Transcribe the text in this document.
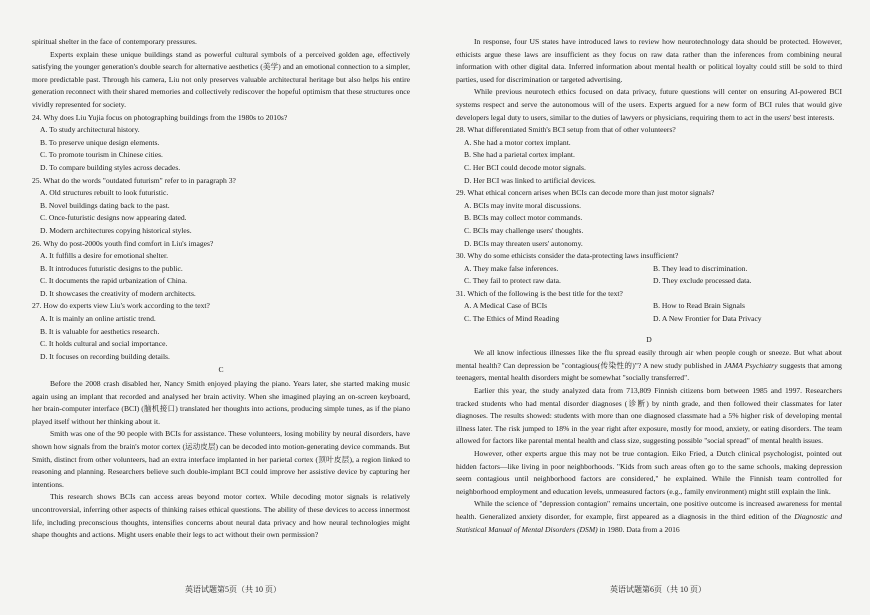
spiritual shelter in the face of contemporary pressures.

Experts explain these unique buildings stand as powerful cultural symbols of a perceived golden age, effectively satisfying the younger generation's double search for alternative aesthetics (美学) and an emotional connection to a simpler, more predictable past. Through his camera, Liu not only preserves valuable architectural heritage but also helps his entire generation reconnect with their shared memories and collectively rediscover the hopeful optimism that these structures once vividly represented for society.

24. Why does Liu Yujia focus on photographing buildings from the 1980s to 2010s?

A. To study architectural history.

B. To preserve unique design elements.

C. To promote tourism in Chinese cities.

D. To compare building styles across decades.

25. What do the words "outdated futurism" refer to in paragraph 3?

A. Old structures rebuilt to look futuristic.

B. Novel buildings dating back to the past.

C. Once-futuristic designs now appearing dated.

D. Modern architectures copying historical styles.

26. Why do post-2000s youth find comfort in Liu's images?

A. It fulfills a desire for emotional shelter.

B. It introduces futuristic designs to the public.

C. It documents the rapid urbanization of China.

D. It showcases the creativity of modern architects.

27. How do experts view Liu's work according to the text?

A. It is mainly an online artistic trend.

B. It is valuable for aesthetics research.

C. It holds cultural and social importance.

D. It focuses on recording building details.

C

Before the 2008 crash disabled her, Nancy Smith enjoyed playing the piano. Years later, she started making music again using an implant that recorded and analysed her brain activity. When she imagined playing an on-screen keyboard, her brain-computer interface (BCI) (脑机接口) translated her thoughts into actions, producing simple tunes, as if the piano played itself without her thinking about it.

Smith was one of the 90 people with BCIs for assistance. These volunteers, losing mobility by neural disorders, have shown how signals from the brain's motor cortex (运动皮层) can be decoded into motion-generating device commands. But Smith, distinct from other volunteers, had an extra interface implanted in her parietal cortex (顶叶皮层), a region linked to reasoning and planning. Researchers believe such double-implant BCI could improve her assistive device by capturing her intentions.

This research shows BCIs can access areas beyond motor cortex. While decoding motor signals is relatively uncontroversial, inferring other aspects of thinking raises ethical questions. The ability of these devices to access innermost life, including preconscious thoughts, intensifies concerns about neural data privacy and how neural technologies might shape thoughts and actions. Might users enable their legs to act without their own permission?

In response, four US states have introduced laws to review how neurotechnology data should be protected. However, ethicists argue these laws are insufficient as they focus on raw data rather than the inferences from combining neural information with other digital data. Inferred information about mental health or political loyalty could still be sold to third parties, used for discrimination or targeted advertising.

While previous neurotech ethics focused on data privacy, future questions will center on ensuring AI-powered BCI systems respect and serve the autonomous will of the users. Experts argued for a new form of BCI rules that would give developers legal duty to users, similar to the duties of lawyers or physicians, requiring them to act in the users' best interests.

28. What differentiated Smith's BCI setup from that of other volunteers?

A. She had a motor cortex implant.

B. She had a parietal cortex implant.

C. Her BCI could decode motor signals.

D. Her BCI was linked to artificial devices.

29. What ethical concern arises when BCIs can decode more than just motor signals?

A. BCIs may invite moral discussions.

B. BCIs may collect motor commands.

C. BCIs may challenge users' thoughts.

D. BCIs may threaten users' autonomy.

30. Why do some ethicists consider the data-protecting laws insufficient?

A. They make false inferences.	B. They lead to discrimination.
C. They fail to protect raw data.	D. They exclude processed data.

31. Which of the following is the best title for the text?

A. A Medical Case of BCIs	B. How to Read Brain Signals
C. The Ethics of Mind Reading	D. A New Frontier for Data Privacy

D

We all know infectious illnesses like the flu spread easily through air when people cough or sneeze. But what about mental health? Can depression be "contagious(传染性的)"? A new study published in JAMA Psychiatry suggests that among teenagers, mental health disorders might be somewhat "socially transferred".

Earlier this year, the study analyzed data from 713,809 Finnish citizens born between 1985 and 1997. Researchers tracked students who had mental disorder diagnoses (诊断) by ninth grade, and then followed their classmates for later diagnoses. The results showed: students with more than one diagnosed classmate had a 5% higher risk of developing mental illness later. The risk jumped to 18% in the year right after exposure, mostly for mood, anxiety, or eating disorders. The team allowed for factors like parental mental health and class size, suggesting possible "social spread" of mental health issues.

However, other experts argue this may not be true contagion. Eiko Fried, a Dutch clinical psychologist, pointed out hidden factors—like living in poor neighborhoods. "Kids from such areas often go to the same schools, making depression seem contagious until neighborhood factors are considered," he explained. While the Finnish team controlled for neighborhood employment and education levels, unmeasured factors (e.g., family environment) might still explain the link.

While the science of "depression contagion" remains uncertain, one positive outcome is increased awareness for mental health. Generalized anxiety disorder, for example, first appeared as a diagnosis in the third edition of the Diagnostic and Statistical Manual of Mental Disorders (DSM) in 1980. Data from a 2016

英语试题第5页（共 10 页）	英语试题第6页（共 10 页）
